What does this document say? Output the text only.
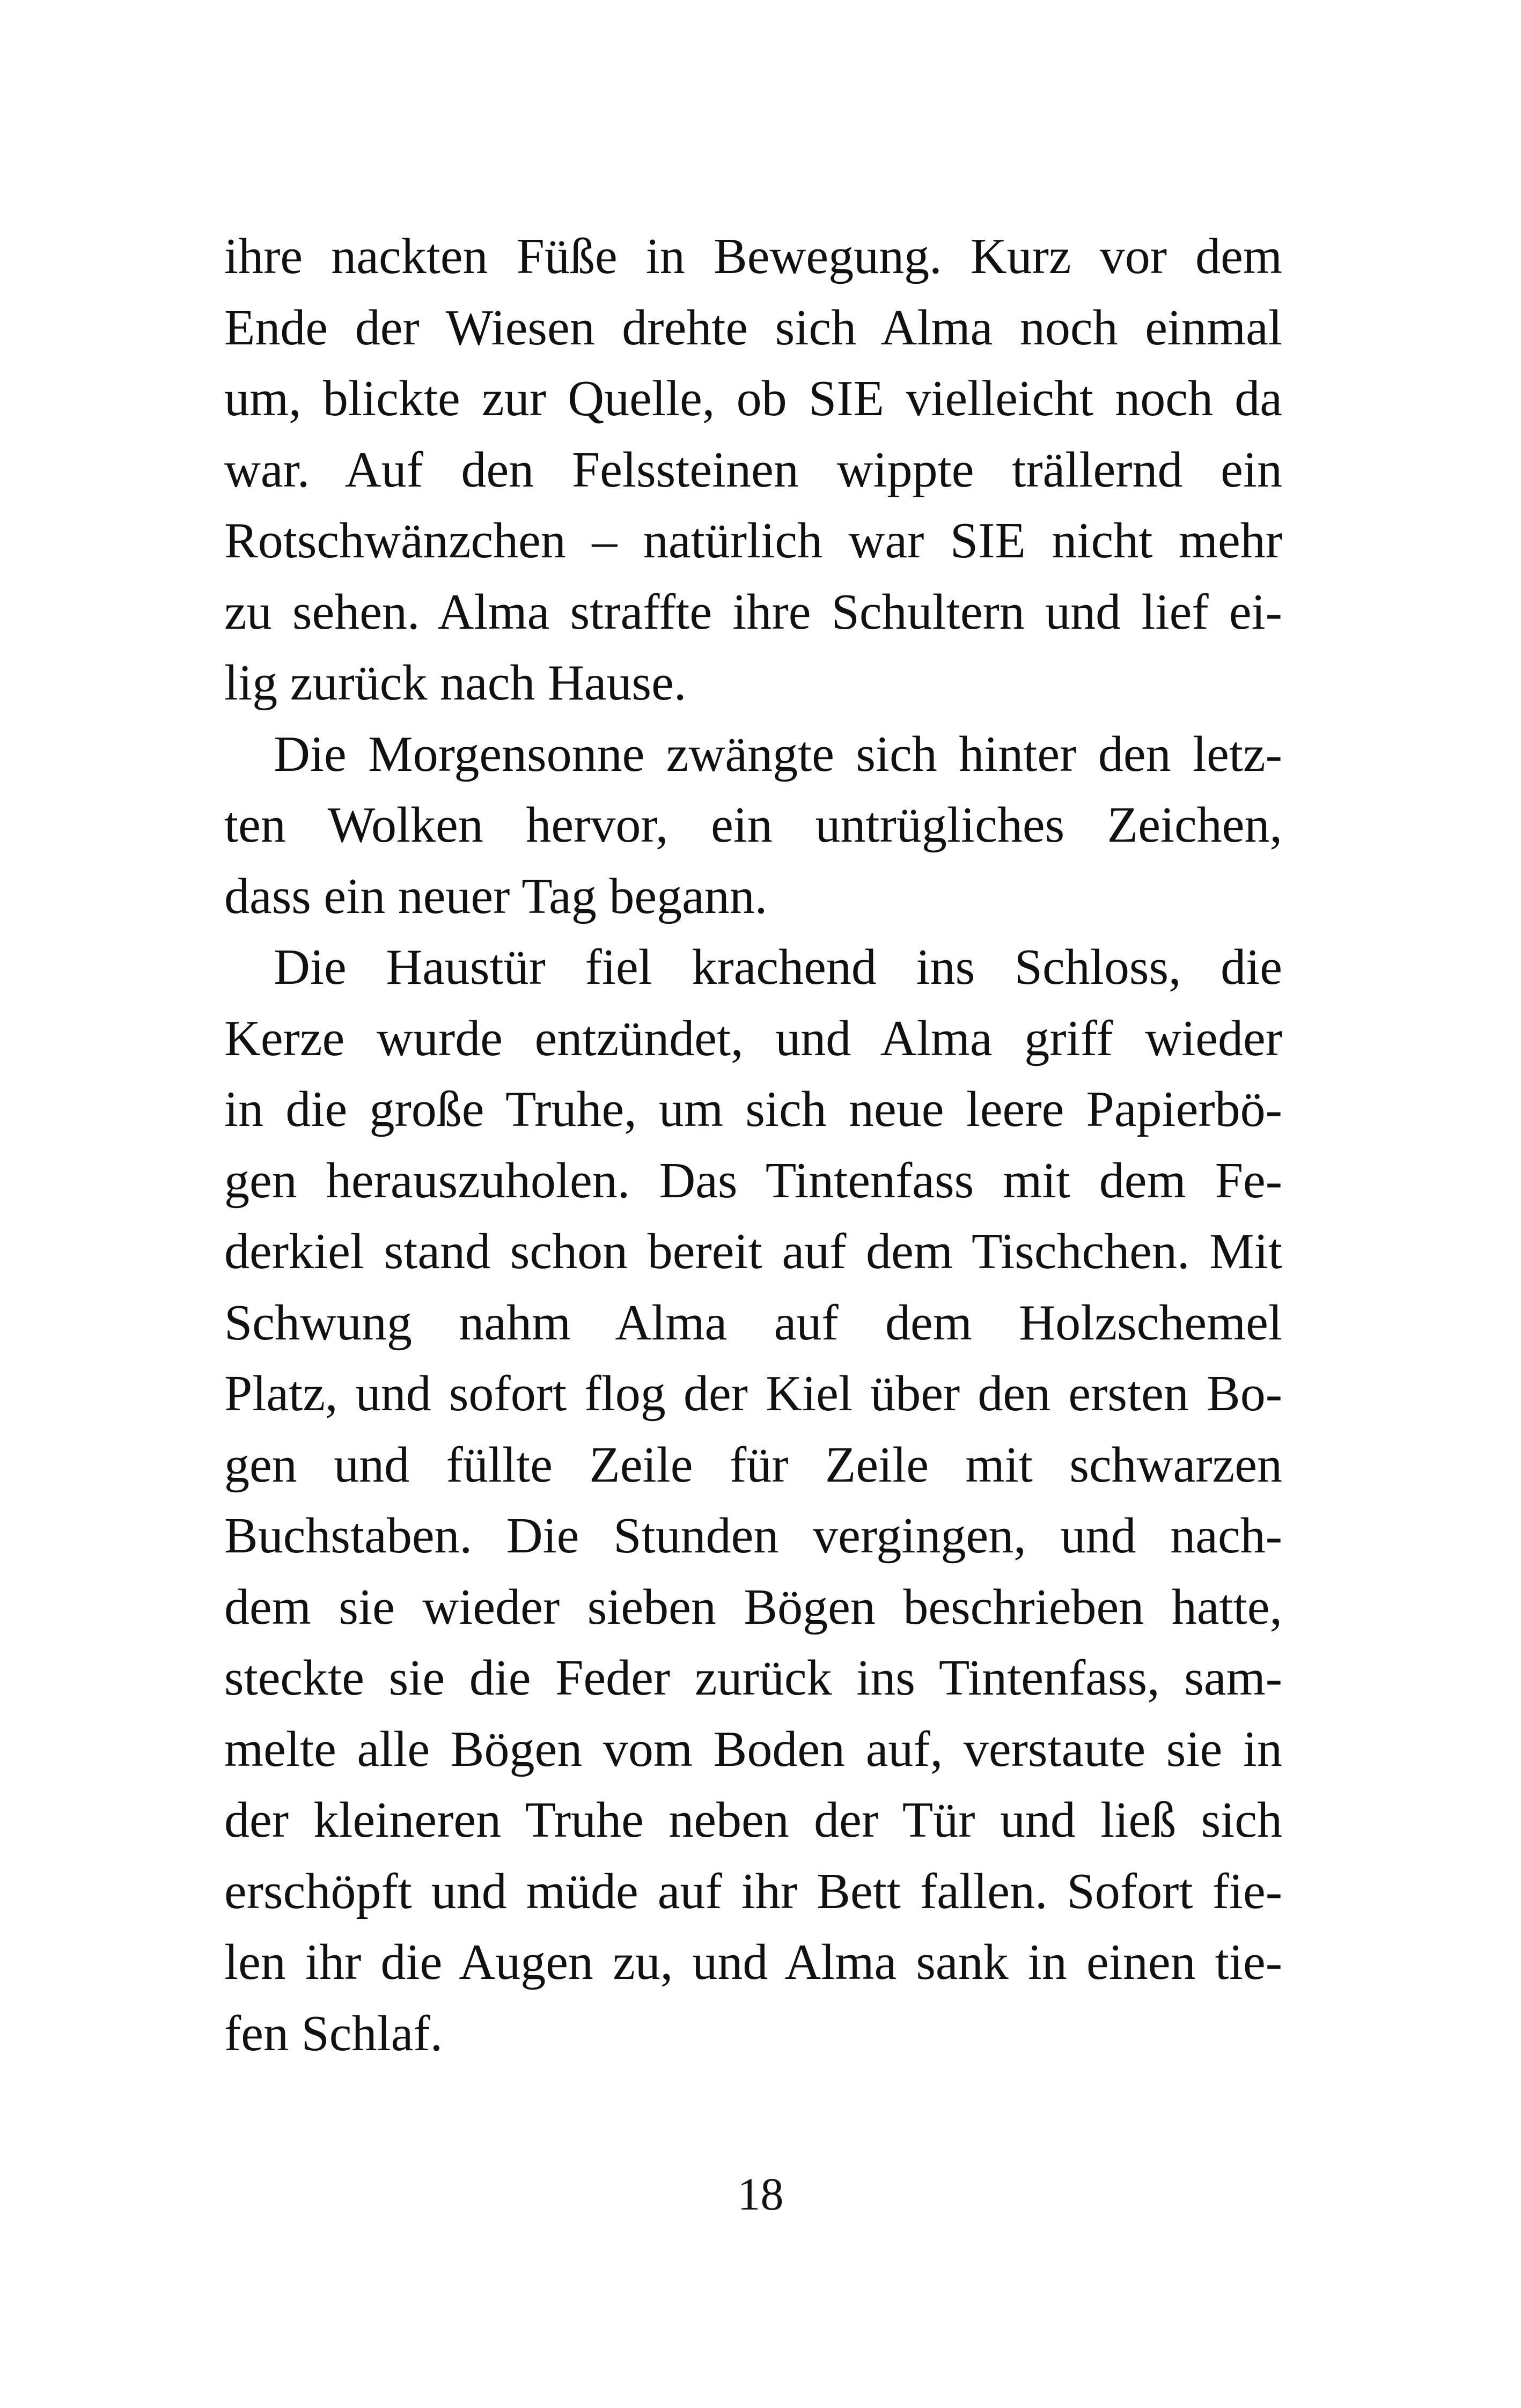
ihre nackten Füße in Bewegung. Kurz vor dem
Ende der Wiesen drehte sich Alma noch einmal
um, blickte zur Quelle, ob SIE vielleicht noch da
war. Auf den Felssteinen wippte trällernd ein
Rotschwänzchen – natürlich war SIE nicht mehr
zu sehen. Alma straffte ihre Schultern und lief ei-
lig zurück nach Hause.
Die Morgensonne zwängte sich hinter den letz-
ten Wolken hervor, ein untrügliches Zeichen,
dass ein neuer Tag begann.
Die Haustür fiel krachend ins Schloss, die
Kerze wurde entzündet, und Alma griff wieder
in die große Truhe, um sich neue leere Papierbö-
gen herauszuholen. Das Tintenfass mit dem Fe-
derkiel stand schon bereit auf dem Tischchen. Mit
Schwung nahm Alma auf dem Holzschemel
Platz, und sofort flog der Kiel über den ersten Bo-
gen und füllte Zeile für Zeile mit schwarzen
Buchstaben. Die Stunden vergingen, und nach-
dem sie wieder sieben Bögen beschrieben hatte,
steckte sie die Feder zurück ins Tintenfass, sam-
melte alle Bögen vom Boden auf, verstaute sie in
der kleineren Truhe neben der Tür und ließ sich
erschöpft und müde auf ihr Bett fallen. Sofort fie-
len ihr die Augen zu, und Alma sank in einen tie-
fen Schlaf.
18
